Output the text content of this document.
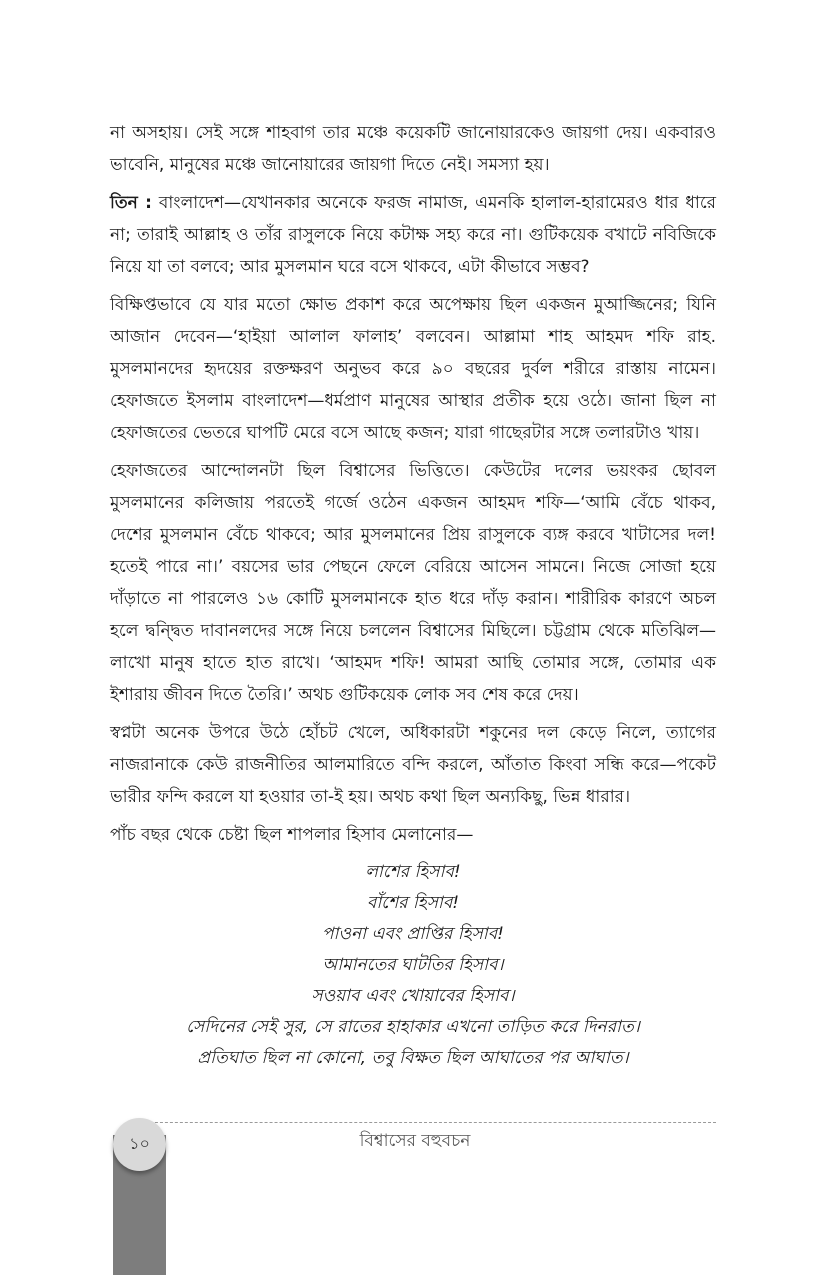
না অসহায়। সেই সঙ্গে শাহবাগ তার মঞ্চে কয়েকটি জানোয়ারকেও জায়গা দেয়। একবারও ভাবেনি, মানুষের মঞ্চে জানোয়ারের জায়গা দিতে নেই। সমস্যা হয়।

তিন : বাংলাদেশ—যেখানকার অনেকে ফরজ নামাজ, এমনকি হালাল-হারামেরও ধার ধারে না; তারাই আল্লাহ ও তাঁর রাসুলকে নিয়ে কটাক্ষ সহ্য করে না। গুটিকয়েক বখাটে নবিজিকে নিয়ে যা তা বলবে; আর মুসলমান ঘরে বসে থাকবে, এটা কীভাবে সম্ভব?

বিক্ষিপ্তভাবে যে যার মতো ক্ষোভ প্রকাশ করে অপেক্ষায় ছিল একজন মুআজ্জিনের; যিনি আজান দেবেন—‘হাইয়া আলাল ফালাহ’ বলবেন। আল্লামা শাহ আহমদ শফি রাহ. মুসলমানদের হৃদয়ের রক্তক্ষরণ অনুভব করে ৯০ বছরের দুর্বল শরীরে রাস্তায় নামেন। হেফাজতে ইসলাম বাংলাদেশ—ধর্মপ্রাণ মানুষের আস্থার প্রতীক হয়ে ওঠে। জানা ছিল না হেফাজতের ভেতরে ঘাপটি মেরে বসে আছে কজন; যারা গাছেরটার সঙ্গে তলারটাও খায়।

হেফাজতের আন্দোলনটা ছিল বিশ্বাসের ভিত্তিতে। কেউটের দলের ভয়ংকর ছোবল মুসলমানের কলিজায় পরতেই গর্জে ওঠেন একজন আহমদ শফি—‘আমি বেঁচে থাকব, দেশের মুসলমান বেঁচে থাকবে; আর মুসলমানের প্রিয় রাসুলকে ব্যঙ্গ করবে খাটাসের দল! হতেই পারে না।’ বয়সের ভার পেছনে ফেলে বেরিয়ে আসেন সামনে। নিজে সোজা হয়ে দাঁড়াতে না পারলেও ১৬ কোটি মুসলমানকে হাত ধরে দাঁড় করান। শারীরিক কারণে অচল হলে দ্বন্দ্বিত দাবানলদের সঙ্গে নিয়ে চললেন বিশ্বাসের মিছিলে। চট্টগ্রাম থেকে মতিঝিল—লাখো মানুষ হাতে হাত রাখে। ‘আহমদ শফি! আমরা আছি তোমার সঙ্গে, তোমার এক ইশারায় জীবন দিতে তৈরি।’ অথচ গুটিকয়েক লোক সব শেষ করে দেয়।

স্বপ্নটা অনেক উপরে উঠে হোঁচট খেলে, অধিকারটা শকুনের দল কেড়ে নিলে, ত্যাগের নাজরানাকে কেউ রাজনীতির আলমারিতে বন্দি করলে, আঁতাত কিংবা সন্ধি করে—পকেট ভারীর ফন্দি করলে যা হওয়ার তা-ই হয়। অথচ কথা ছিল অন্যকিছু, ভিন্ন ধারার।

পাঁচ বছর থেকে চেষ্টা ছিল শাপলার হিসাব মেলানোর—

লাশের হিসাব!
বাঁশের হিসাব!
পাওনা এবং প্রাপ্তির হিসাব!
আমানতের ঘাটতির হিসাব।
সওয়াব এবং খোয়াবের হিসাব।
সেদিনের সেই সুর, সে রাতের হাহাকার এখনো তাড়িত করে দিনরাত।
প্রতিঘাত ছিল না কোনো, তবু বিক্ষত ছিল আঘাতের পর আঘাত।
১০	বিশ্বাসের বহুবচন
